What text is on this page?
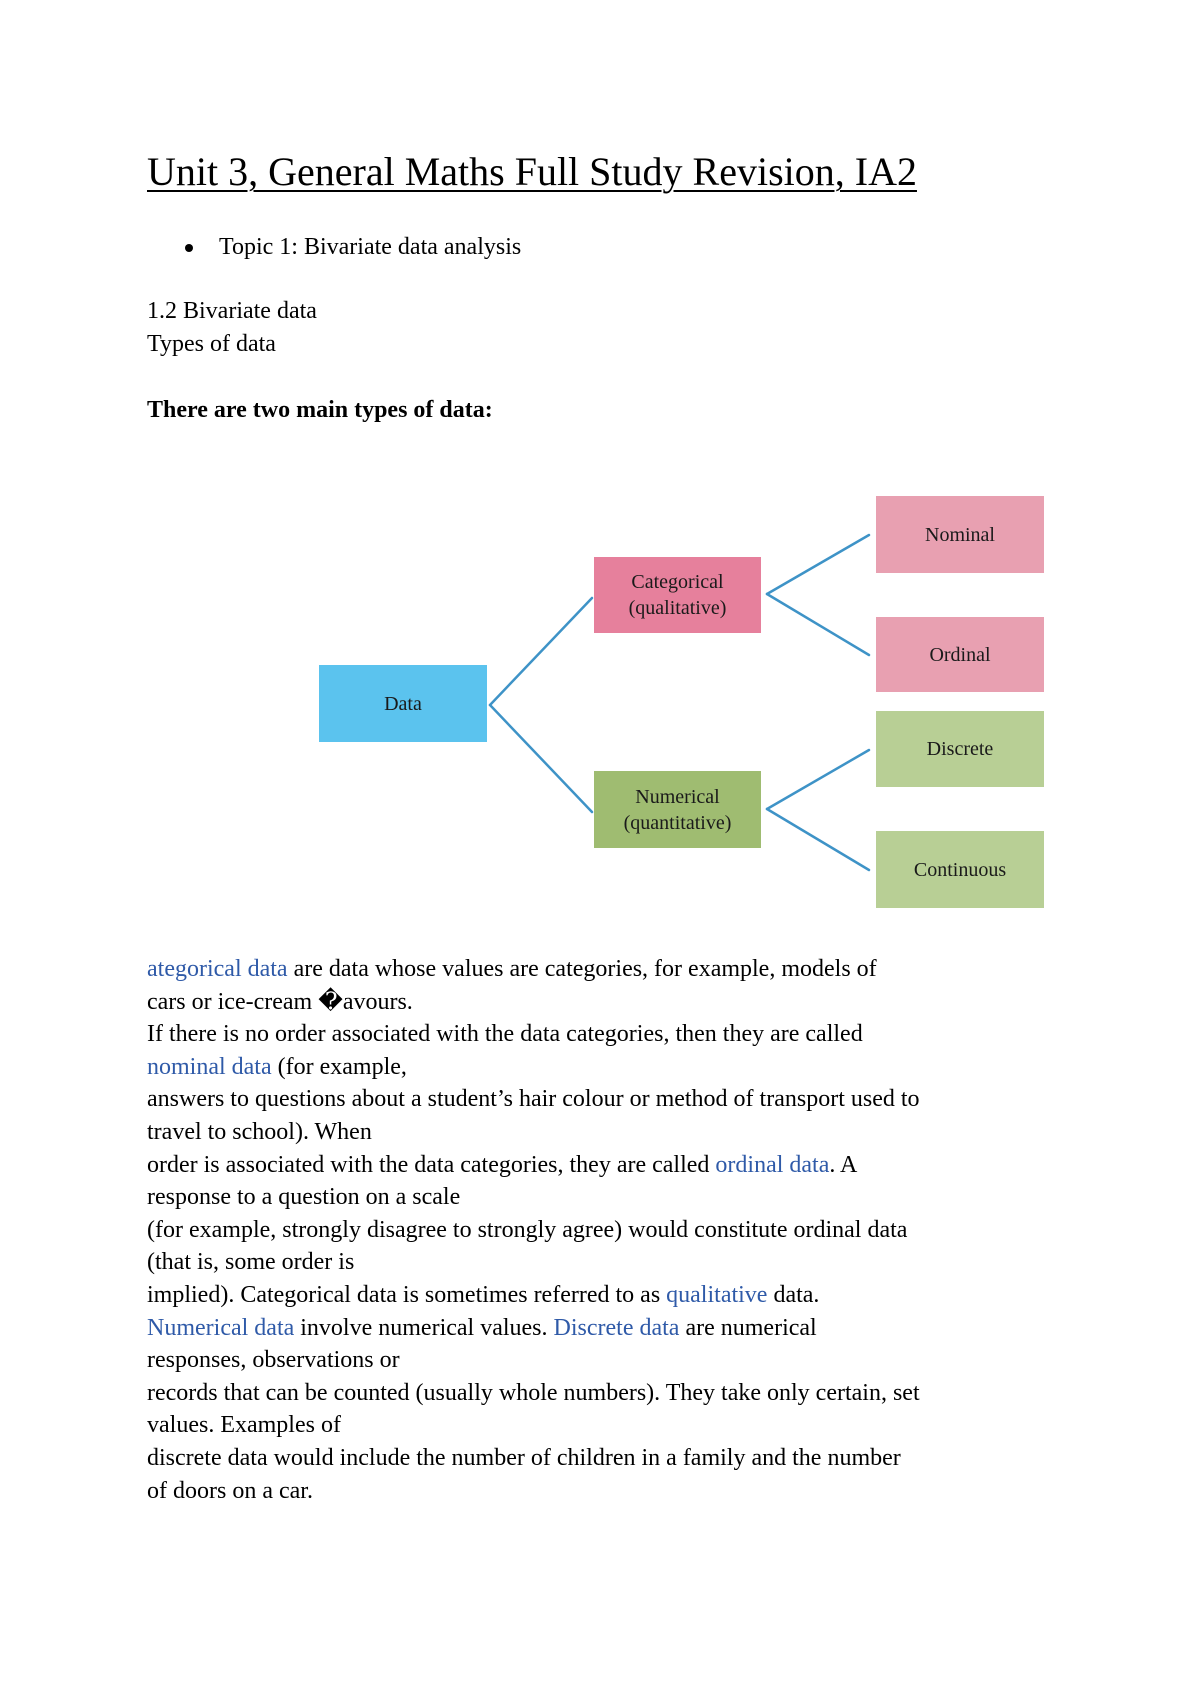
Unit 3, General Maths Full Study Revision, IA2
Topic 1: Bivariate data analysis

1.2 Bivariate data

Types of data

There are two main types of data:

Data
Categorical
(qualitative)
Numerical
(quantitative)
Nominal
Ordinal
Discrete
Continuous
ategorical data are data whose values are categories, for example, models of
cars or ice-cream �avours.
If there is no order associated with the data categories, then they are called
nominal data (for example,
answers to questions about a student’s hair colour or method of transport used to
travel to school). When
order is associated with the data categories, they are called ordinal data. A
response to a question on a scale
(for example, strongly disagree to strongly agree) would constitute ordinal data
(that is, some order is
implied). Categorical data is sometimes referred to as qualitative data.
Numerical data involve numerical values. Discrete data are numerical
responses, observations or
records that can be counted (usually whole numbers). They take only certain, set
values. Examples of
discrete data would include the number of children in a family and the number
of doors on a car.
